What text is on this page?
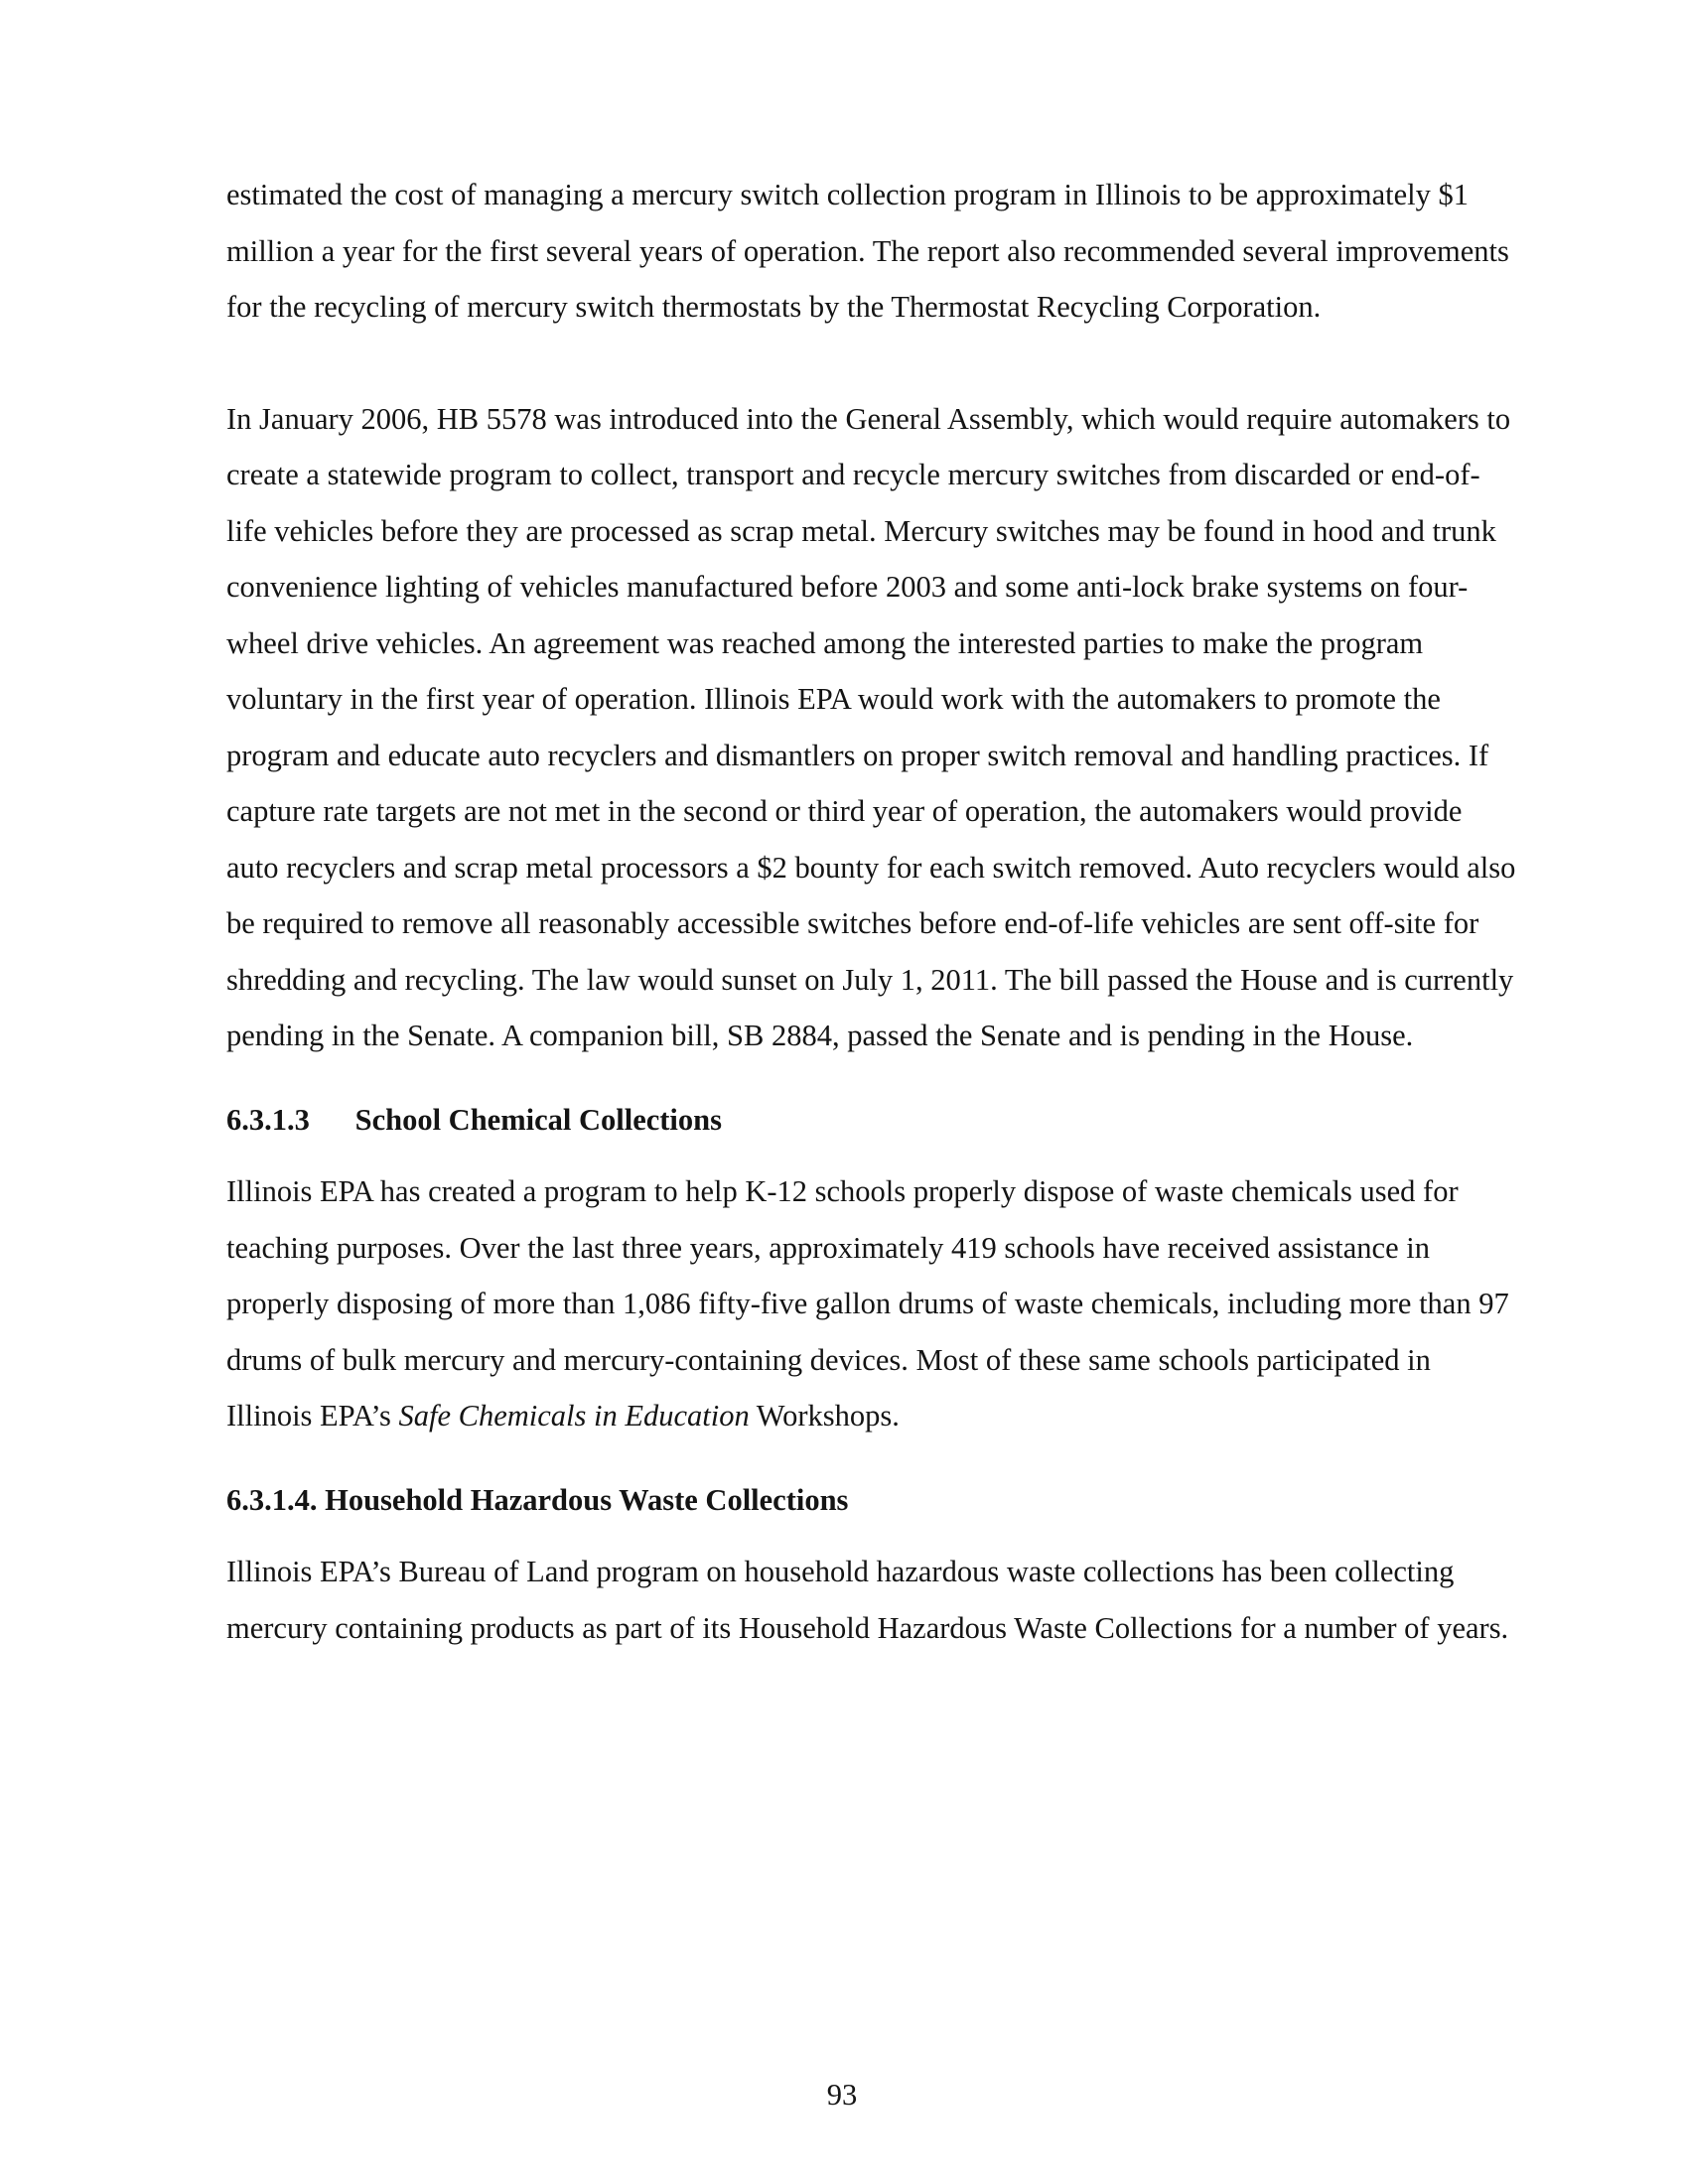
estimated the cost of managing a mercury switch collection program in Illinois to be approximately $1 million a year for the first several years of operation. The report also recommended several improvements for the recycling of mercury switch thermostats by the Thermostat Recycling Corporation.

In January 2006, HB 5578 was introduced into the General Assembly, which would require automakers to create a statewide program to collect, transport and recycle mercury switches from discarded or end-of-life vehicles before they are processed as scrap metal. Mercury switches may be found in hood and trunk convenience lighting of vehicles manufactured before 2003 and some anti-lock brake systems on four-wheel drive vehicles. An agreement was reached among the interested parties to make the program voluntary in the first year of operation. Illinois EPA would work with the automakers to promote the program and educate auto recyclers and dismantlers on proper switch removal and handling practices. If capture rate targets are not met in the second or third year of operation, the automakers would provide auto recyclers and scrap metal processors a $2 bounty for each switch removed. Auto recyclers would also be required to remove all reasonably accessible switches before end-of-life vehicles are sent off-site for shredding and recycling. The law would sunset on July 1, 2011. The bill passed the House and is currently pending in the Senate. A companion bill, SB 2884, passed the Senate and is pending in the House.

6.3.1.3 School Chemical Collections

Illinois EPA has created a program to help K-12 schools properly dispose of waste chemicals used for teaching purposes. Over the last three years, approximately 419 schools have received assistance in properly disposing of more than 1,086 fifty-five gallon drums of waste chemicals, including more than 97 drums of bulk mercury and mercury-containing devices. Most of these same schools participated in Illinois EPA’s Safe Chemicals in Education Workshops.

6.3.1.4. Household Hazardous Waste Collections

Illinois EPA’s Bureau of Land program on household hazardous waste collections has been collecting mercury containing products as part of its Household Hazardous Waste Collections for a number of years.

93
